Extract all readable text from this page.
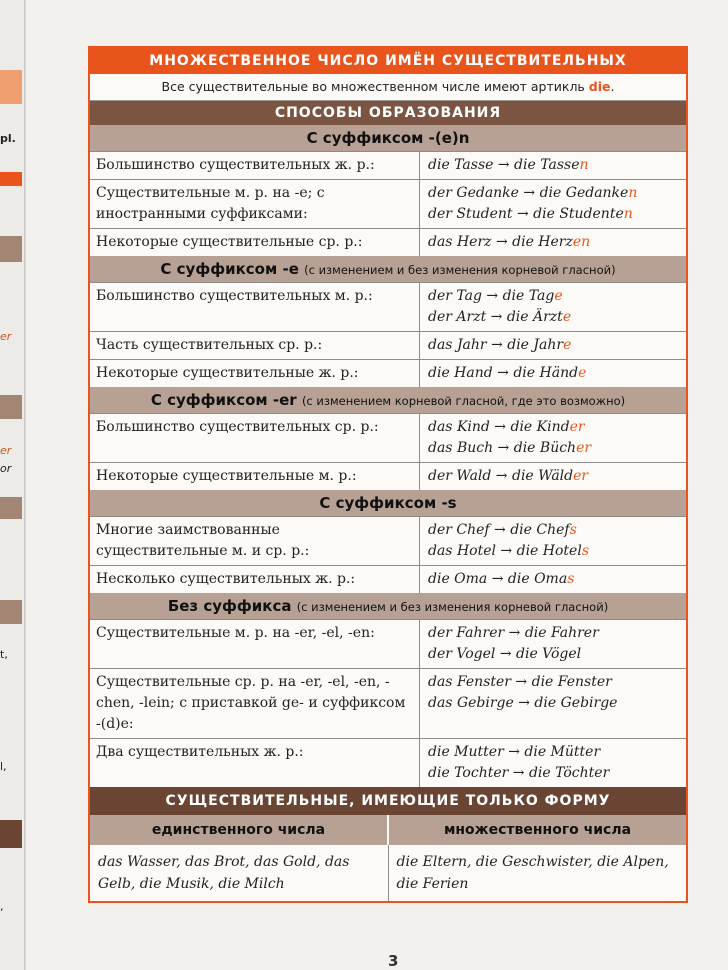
pl.
er
er
or
t,
l,
,
МНОЖЕСТВЕННОЕ ЧИСЛО ИМЁН СУЩЕСТВИТЕЛЬНЫХ
Все существительные во множественном числе имеют артикль die.
СПОСОБЫ ОБРАЗОВАНИЯ
С суффиксом -(e)n
Большинство существительных ж. р.:	die Tasse → die Tassen
Существительные м. р. на -e; с иностранными суффиксами:
der Gedanke → die Gedanken
der Student → die Studenten
Некоторые существительные ср. р.:	das Herz → die Herzen
С суффиксом -e (с изменением и без изменения корневой гласной)
Большинство существительных м. р.:	der Tag → die Tage
der Arzt → die Ärzte
Часть существительных ср. р.:	das Jahr → die Jahre
Некоторые существительные ж. р.:	die Hand → die Hände
С суффиксом -er (с изменением корневой гласной, где это возможно)
Большинство существительных ср. р.:	das Kind → die Kinder
das Buch → die Bücher
Некоторые существительные м. р.:	der Wald → die Wälder
С суффиксом -s
Многие заимствованные существительные м. и ср. р.:
der Chef → die Chefs
das Hotel → die Hotels
Несколько существительных ж. р.:	die Oma → die Omas
Без суффикса (с изменением и без изменения корневой гласной)
Существительные м. р. на -er, -el, -en:	der Fahrer → die Fahrer
der Vogel → die Vögel
Существительные ср. р. на -er, -el, -en, -chen, -lein; с приставкой ge- и суффиксом -(d)e:
das Fenster → die Fenster
das Gebirge → die Gebirge
Два существительных ж. р.:	die Mutter → die Mütter
die Tochter → die Töchter
СУЩЕСТВИТЕЛЬНЫЕ, ИМЕЮЩИЕ ТОЛЬКО ФОРМУ
единственного числа	множественного числа
das Wasser, das Brot, das Gold, das Gelb, die Musik, die Milch
die Eltern, die Geschwister, die Alpen, die Ferien
3
